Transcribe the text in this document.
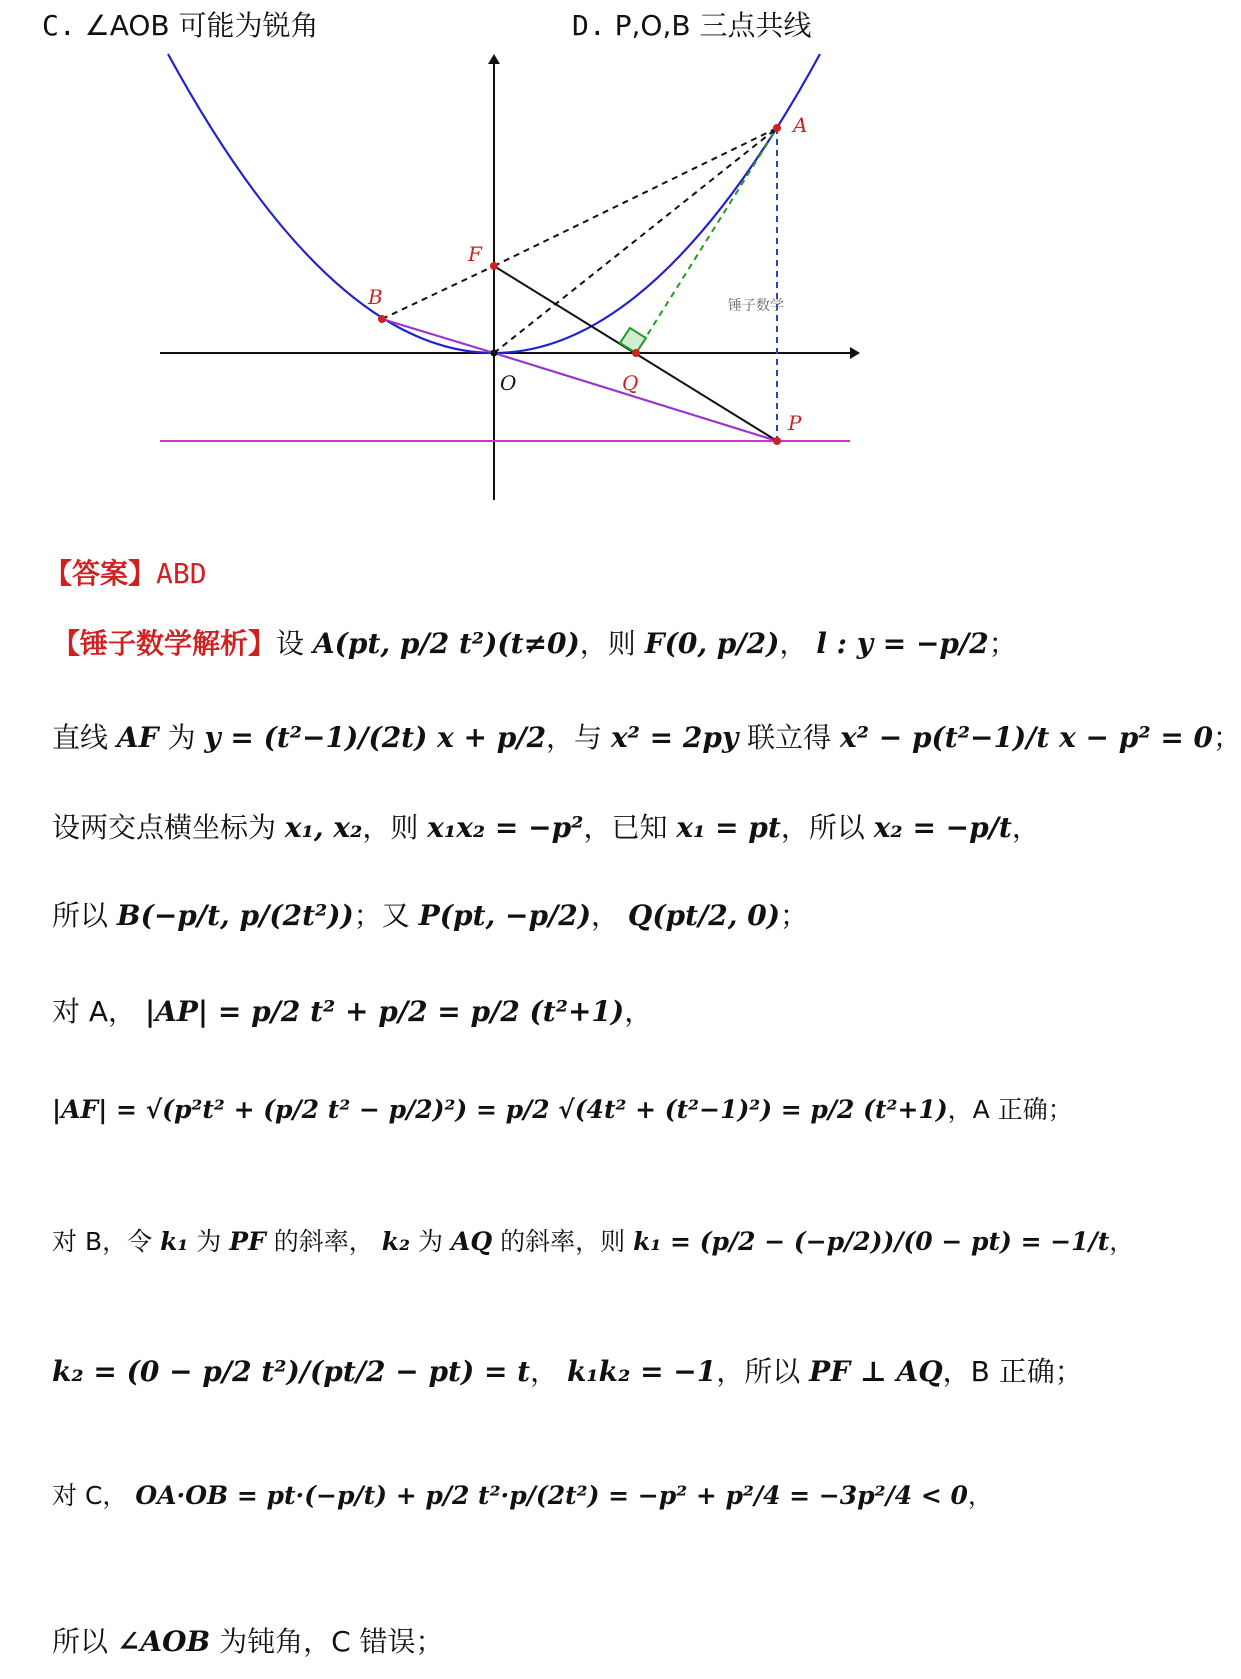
C. ∠AOB 可能为锐角	D. P,O,B 三点共线
A
F
B
O	Q
P
锤子数学
【答案】ABD
【锤子数学解析】设 A(pt, p/2 t²)(t≠0)，则 F(0, p/2)， l : y = −p/2；
直线 AF 为 y = (t²−1)/(2t) x + p/2，与 x² = 2py 联立得 x² − p(t²−1)/t x − p² = 0；
设两交点横坐标为 x₁, x₂，则 x₁x₂ = −p²，已知 x₁ = pt，所以 x₂ = −p/t，
所以 B(−p/t, p/(2t²))；又 P(pt, −p/2)， Q(pt/2, 0)；
对 A， |AP| = p/2 t² + p/2 = p/2 (t²+1)，
|AF| = √(p²t² + (p/2 t² − p/2)²) = p/2 √(4t² + (t²−1)²) = p/2 (t²+1)，A 正确；
对 B，令 k₁ 为 PF 的斜率， k₂ 为 AQ 的斜率，则 k₁ = (p/2 − (−p/2))/(0 − pt) = −1/t，
k₂ = (0 − p/2 t²)/(pt/2 − pt) = t， k₁k₂ = −1，所以 PF ⊥ AQ，B 正确；
对 C， OA·OB = pt·(−p/t) + p/2 t²·p/(2t²) = −p² + p²/4 = −3p²/4 < 0，
所以 ∠AOB 为钝角，C 错误；
